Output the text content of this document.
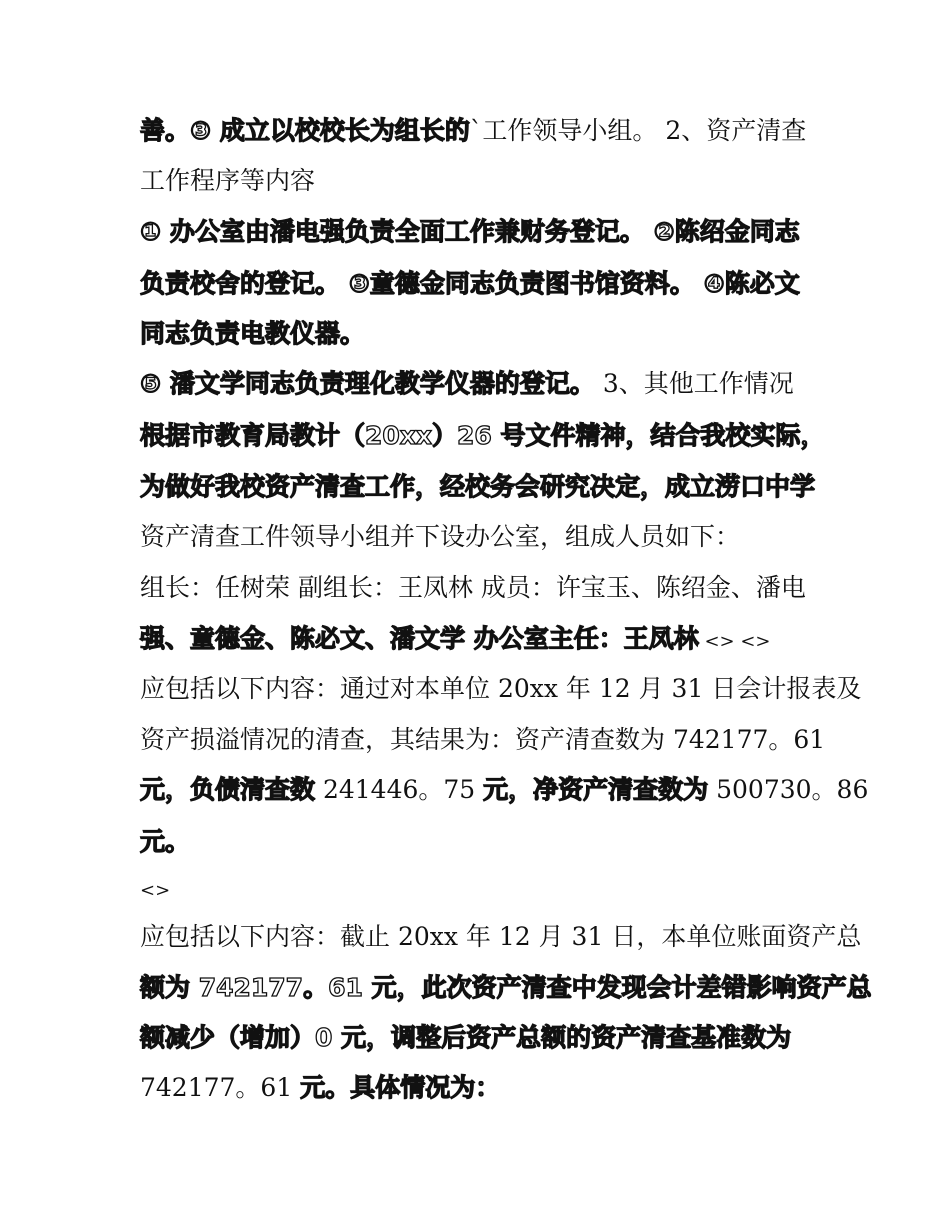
善。③ 成立以校校长为组长的`工作领导小组。 2、资产清查
工作程序等内容
① 办公室由潘电强负责全面工作兼财务登记。 ②陈绍金同志
负责校舍的登记。 ③童德金同志负责图书馆资料。 ④陈必文
同志负责电教仪器。
⑤ 潘文学同志负责理化教学仪器的登记。 3、其他工作情况
根据市教育局教计（20xx）26 号文件精神，结合我校实际，
为做好我校资产清查工作，经校务会研究决定，成立涝口中学
资产清查工件领导小组并下设办公室，组成人员如下：
组长：任树荣 副组长：王凤林 成员：许宝玉、陈绍金、潘电
强、童德金、陈必文、潘文学 办公室主任：王凤林 <> <>
应包括以下内容：通过对本单位 20xx 年 12 月 31 日会计报表及
资产损溢情况的清查，其结果为：资产清查数为 742177。61
元，负债清查数 241446。75 元，净资产清查数为 500730。86
元。
<>
应包括以下内容：截止 20xx 年 12 月 31 日，本单位账面资产总
额为 742177。61 元，此次资产清查中发现会计差错影响资产总
额减少（增加）0 元，调整后资产总额的资产清查基准数为
742177。61 元。具体情况为：
